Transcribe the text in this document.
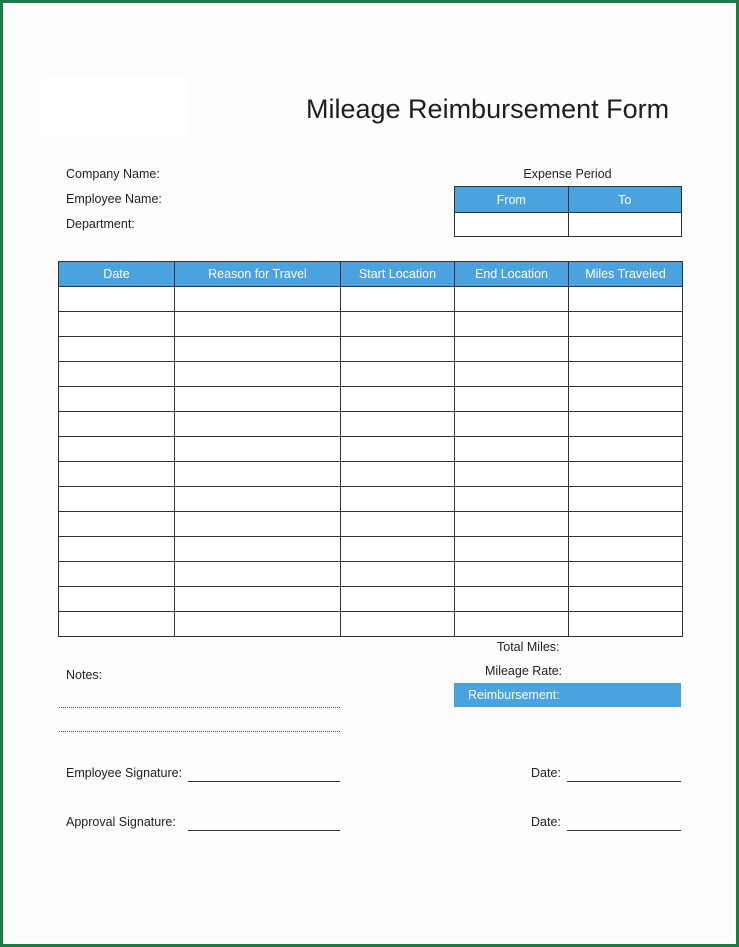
Mileage Reimbursement Form
Company Name:
Employee Name:
Department:
Expense Period
From	To

Date	Reason for Travel	Start Location	End Location	Miles Traveled

Total Miles:
Mileage Rate:
Reimbursement:
Notes:
Employee Signature:	Date:
Approval Signature:	Date:
